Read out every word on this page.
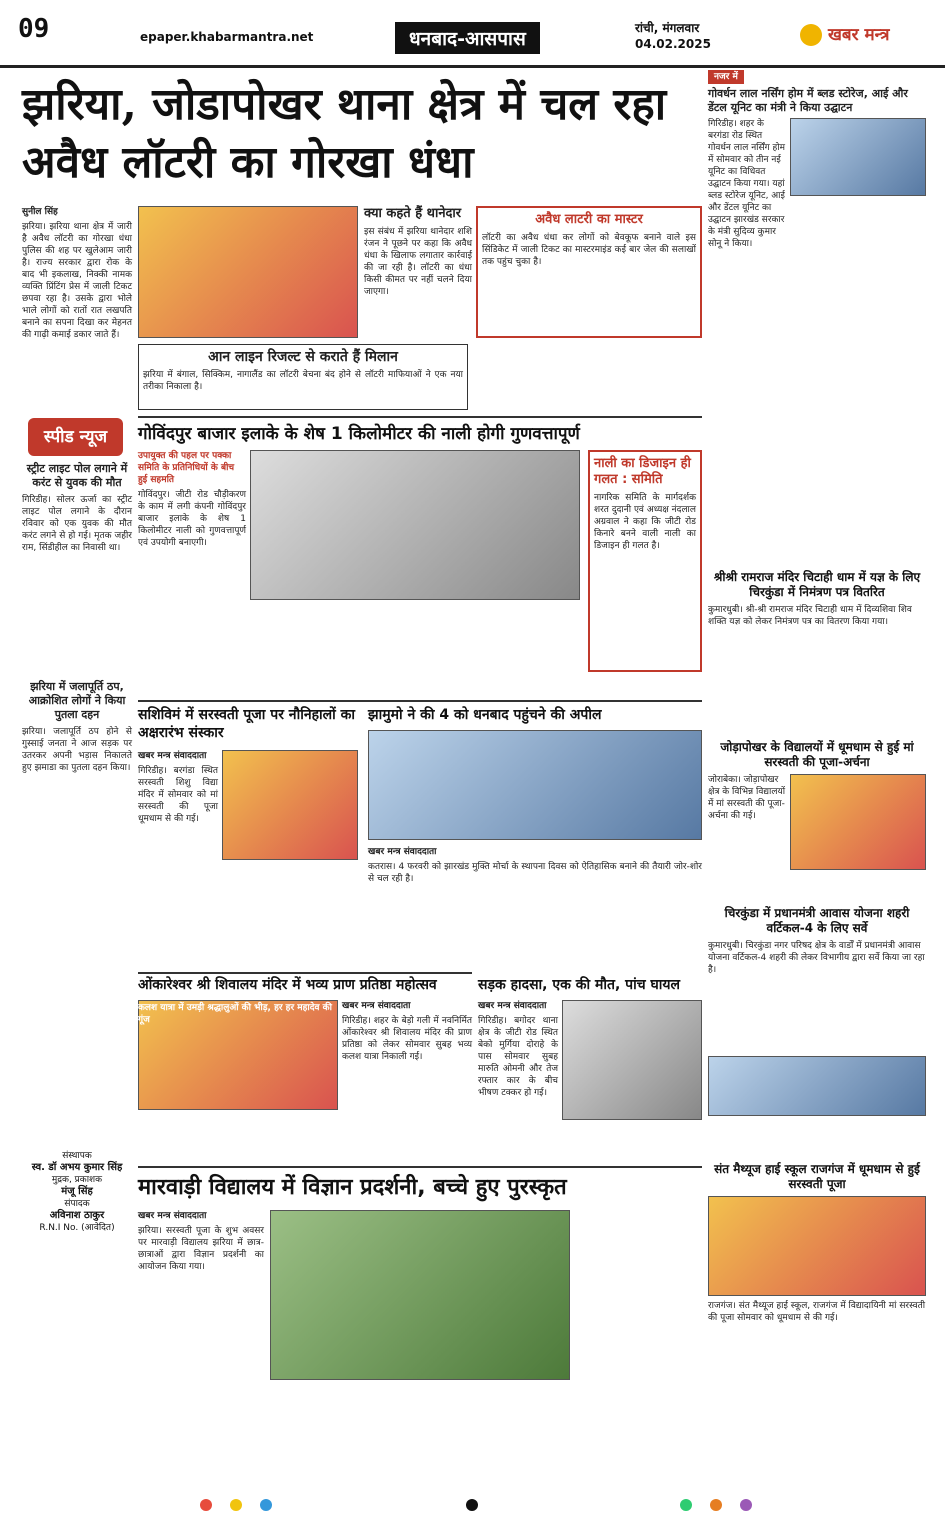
09	epaper.khabarmantra.net	धनबाद-आसपास	रांची, मंगलवार
04.02.2025	खबर मन्त्र
झरिया, जोडापोखर थाना क्षेत्र में चल रहा अवैध लॉटरी का गोरखा धंधा
सुनील सिंह

झरिया। झरिया थाना क्षेत्र में जारी है अवैध लॉटरी का गोरखा धंधा पुलिस की शह पर खुलेआम जारी है। राज्य सरकार द्वारा रोक के बाद भी इकलाख, निक्की नामक व्यक्ति प्रिंटिंग प्रेस में जाली टिकट छपवा रहा है। उसके द्वारा भोले भाले लोगों को रातों रात लखपति बनाने का सपना दिखा कर मेहनत की गाढ़ी कमाई डकार जाते हैं।

क्या कहते हैं थानेदार

इस संबंध में झरिया थानेदार शशि रंजन ने पूछने पर कहा कि अवैध धंधा के खिलाफ लगातार कार्रवाई की जा रही है। लॉटरी का धंधा किसी कीमत पर नहीं चलने दिया जाएगा।

अवैध लाटरी का मास्टर

लॉटरी का अवैध धंधा कर लोगों को बेवकूफ बनाने वाले इस सिंडिकेट में जाली टिकट का मास्टरमाइंड कई बार जेल की सलाखों तक पहुंच चुका है।

आन लाइन रिजल्ट से कराते हैं मिलान

झरिया में बंगाल, सिक्किम, नागालैंड का लॉटरी बेचना बंद होने से लॉटरी माफियाओं ने एक नया तरीका निकाला है।

नजर में
गोवर्धन लाल नर्सिंग होम में ब्लड स्टोरेज, आई और डेंटल यूनिट का मंत्री ने किया उद्घाटन
गिरिडीह। शहर के बरगंडा रोड स्थित गोवर्धन लाल नर्सिंग होम में सोमवार को तीन नई यूनिट का विधिवत उद्घाटन किया गया। यहां ब्लड स्टोरेज यूनिट, आई और डेंटल यूनिट का उद्घाटन झारखंड सरकार के मंत्री सुदिव्य कुमार सोनू ने किया।
स्पीड न्यूज
स्ट्रीट लाइट पोल लगाने में करंट से युवक की मौत

गिरिडीह। सोलर ऊर्जा का स्ट्रीट लाइट पोल लगाने के दौरान रविवार को एक युवक की मौत करंट लगने से हो गई। मृतक जहीर राम, सिंडीहील का निवासी था।

झरिया में जलापूर्ति ठप, आक्रोशित लोगों ने किया पुतला दहन

झरिया। जलापूर्ति ठप होने से गुस्साई जनता ने आज सड़क पर उतरकर अपनी भड़ास निकालते हुए झमाडा का पुतला दहन किया।

गोविंदपुर बाजार इलाके के शेष 1 किलोमीटर की नाली होगी गुणवत्तापूर्ण
उपायुक्त की पहल पर पक्का समिति के प्रतिनिधियों के बीच हुई सहमति

गोविंदपुर। जीटी रोड चौड़ीकरण के काम में लगी कंपनी गोविंदपुर बाजार इलाके के शेष 1 किलोमीटर नाली को गुणवत्तापूर्ण एवं उपयोगी बनाएगी।

नाली का डिजाइन ही गलत : समिति

नागरिक समिति के मार्गदर्शक शरत दुदानी एवं अध्यक्ष नंदलाल अग्रवाल ने कहा कि जीटी रोड किनारे बनने वाली नाली का डिजाइन ही गलत है।

सशिविमं में सरस्वती पूजा पर नौनिहालों का अक्षरारंभ संस्कार
खबर मन्त्र संवाददाता

गिरिडीह। बरगंडा स्थित सरस्वती शिशु विद्या मंदिर में सोमवार को मां सरस्वती की पूजा धूमधाम से की गई।

झामुमो ने की 4 को धनबाद पहुंचने की अपील
खबर मन्त्र संवाददाता

कतरास। 4 फरवरी को झारखंड मुक्ति मोर्चा के स्थापना दिवस को ऐतिहासिक बनाने की तैयारी जोर-शोर से चल रही है।

ओंकारेश्वर श्री शिवालय मंदिर में भव्य प्राण प्रतिष्ठा महोत्सव
कलश यात्रा में उमड़ी श्रद्धालुओं की भीड़, हर हर महादेव की गूंज
खबर मन्त्र संवाददाता

गिरिडीह। शहर के बेड़ो गली में नवनिर्मित ओंकारेश्वर श्री शिवालय मंदिर की प्राण प्रतिष्ठा को लेकर सोमवार सुबह भव्य कलश यात्रा निकाली गई।

सड़क हादसा, एक की मौत, पांच घायल
खबर मन्त्र संवाददाता

गिरिडीह। बगोदर थाना क्षेत्र के जीटी रोड स्थित बेको मुर्गिया दोराहे के पास सोमवार सुबह मारुति ओमनी और तेज रफ्तार कार के बीच भीषण टक्कर हो गई।

मारवाड़ी विद्यालय में विज्ञान प्रदर्शनी, बच्चे हुए पुरस्कृत
खबर मन्त्र संवाददाता

झरिया। सरस्वती पूजा के शुभ अवसर पर मारवाड़ी विद्यालय झरिया में छात्र-छात्राओं द्वारा विज्ञान प्रदर्शनी का आयोजन किया गया।

श्रीश्री रामराज मंदिर चिटाही धाम में यज्ञ के लिए चिरकुंडा में निमंत्रण पत्र वितरित
कुमारधुबी। श्री-श्री रामराज मंदिर चिटाही धाम में दिव्यशिवा शिव शक्ति यज्ञ को लेकर निमंत्रण पत्र का वितरण किया गया।
जोड़ापोखर के विद्यालयों में धूमधाम से हुई मां सरस्वती की पूजा-अर्चना
जोराबेका। जोड़ापोखर क्षेत्र के विभिन्न विद्यालयों में मां सरस्वती की पूजा-अर्चना की गई।
चिरकुंडा में प्रधानमंत्री आवास योजना शहरी वर्टिकल-4 के लिए सर्वे
कुमारधुबी। चिरकुंडा नगर परिषद क्षेत्र के वार्डों में प्रधानमंत्री आवास योजना वर्टिकल-4 शहरी की लेकर विभागीय द्वारा सर्वे किया जा रहा है।
संत मैथ्यूज हाई स्कूल राजगंज में धूमधाम से हुई सरस्वती पूजा
राजगंज। संत मैथ्यूज हाई स्कूल, राजगंज में विद्यादायिनी मां सरस्वती की पूजा सोमवार को धूमधाम से की गई।
संस्थापक
स्व. डॉ अभय कुमार सिंह
मुद्रक, प्रकाशक
मंजू सिंह
संपादक
अविनाश ठाकुर
R.N.I No. (आवेदित)
